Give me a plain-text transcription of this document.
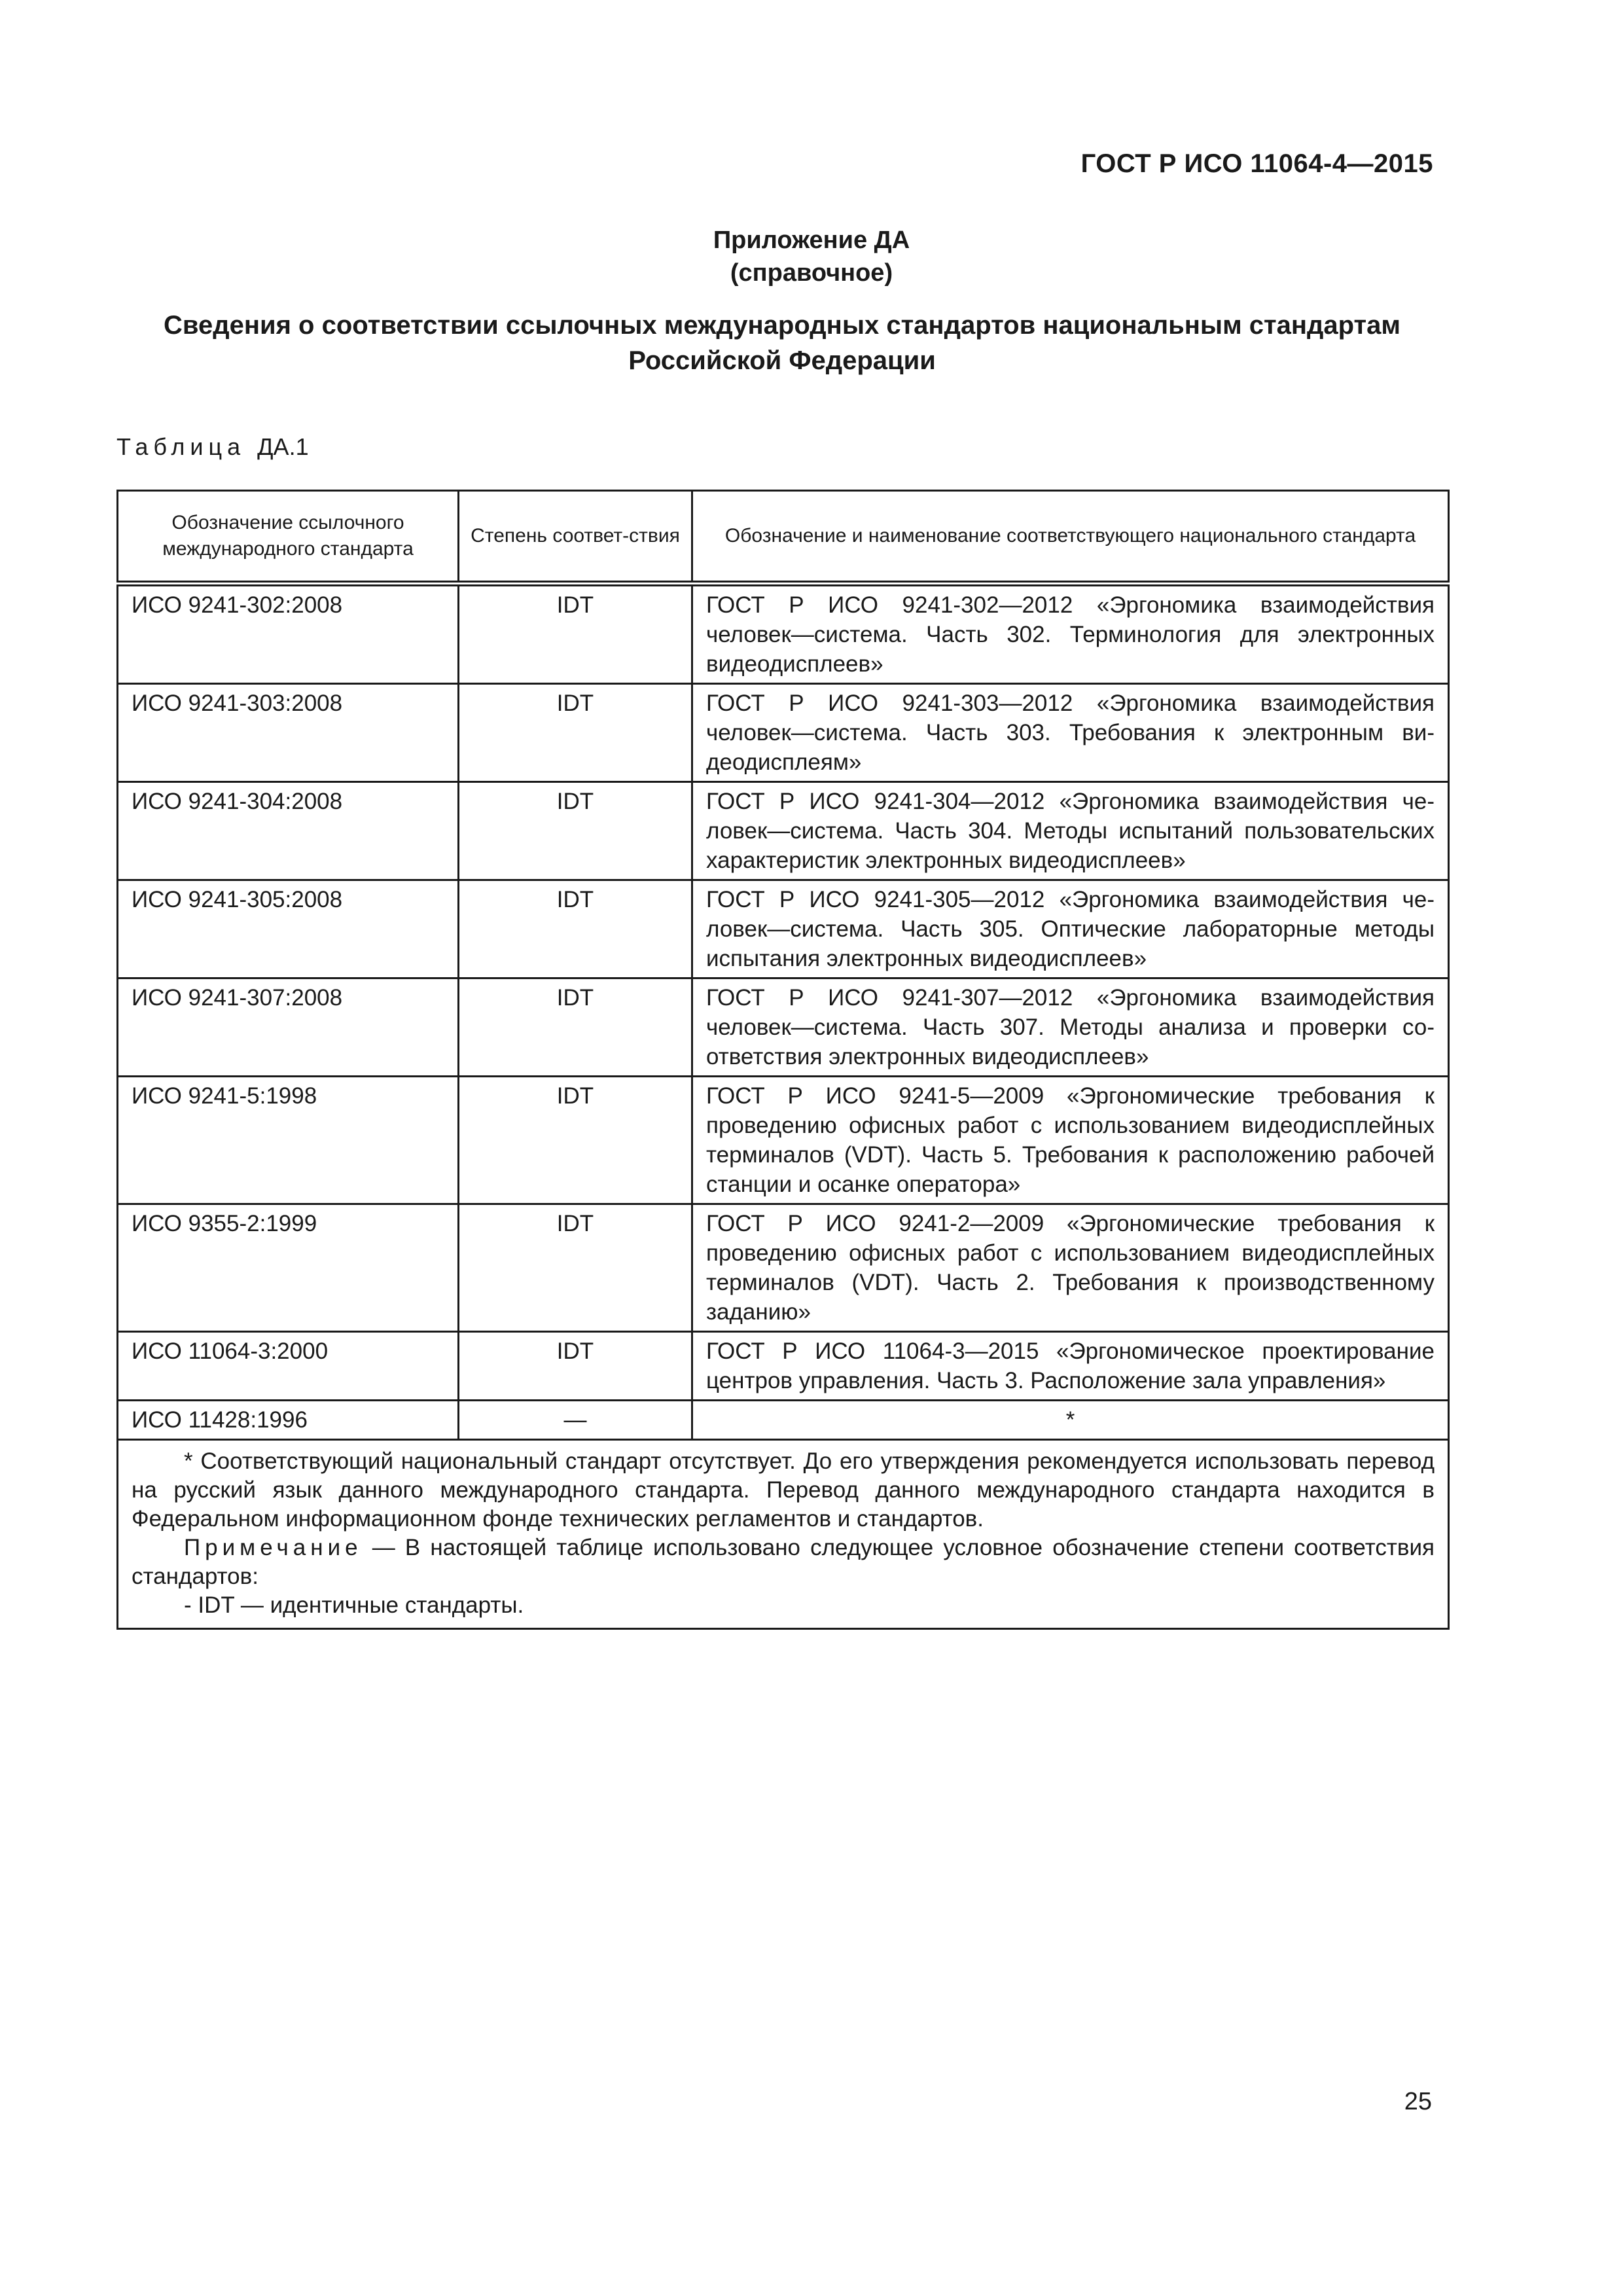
ГОСТ Р ИСО 11064-4—2015
Приложение ДА
(справочное)
Сведения о соответствии ссылочных международных стандартов национальным стандартам
Российской Федерации
Таблица ДА.1
Обозначение ссылочного международного стандарта	Степень соответ-ствия	Обозначение и наименование соответствующего национального стандарта
ИСО 9241-302:2008	IDT	ГОСТ Р ИСО 9241-302—2012 «Эргономика взаимодействия человек—система. Часть 302. Терминология для электронных видеодисплеев»
ИСО 9241-303:2008	IDT	ГОСТ Р ИСО 9241-303—2012 «Эргономика взаимодействия человек—система. Часть 303. Требования к электронным видеодисплеям»
ИСО 9241-304:2008	IDT	ГОСТ Р ИСО 9241-304—2012 «Эргономика взаимодействия человек—система. Часть 304. Методы испытаний пользовательских характеристик электронных видеодисплеев»
ИСО 9241-305:2008	IDT	ГОСТ Р ИСО 9241-305—2012 «Эргономика взаимодействия человек—система. Часть 305. Оптические лабораторные методы испытания электронных видеодисплеев»
ИСО 9241-307:2008	IDT	ГОСТ Р ИСО 9241-307—2012 «Эргономика взаимодействия человек—система. Часть 307. Методы анализа и проверки соответствия электронных видеодисплеев»
ИСО 9241-5:1998	IDT	ГОСТ Р ИСО 9241-5—2009 «Эргономические требования к проведению офисных работ с использованием видеодисплейных терминалов (VDT). Часть 5. Требования к расположению рабочей станции и осанке оператора»
ИСО 9355-2:1999	IDT	ГОСТ Р ИСО 9241-2—2009 «Эргономические требования к проведению офисных работ с использованием видеодисплейных терминалов (VDT). Часть 2. Требования к производственному заданию»
ИСО 11064-3:2000	IDT	ГОСТ Р ИСО 11064-3—2015 «Эргономическое проектирование центров управления. Часть 3. Расположение зала управления»
ИСО 11428:1996	—	*

* Соответствующий национальный стандарт отсутствует. До его утверждения рекомендуется использовать перевод на русский язык данного международного стандарта. Перевод данного международного стандарта находится в Федеральном информационном фонде технических регламентов и стандартов.
Примечание — В настоящей таблице использовано следующее условное обозначение степени соответствия стандартов:
- IDT — идентичные стандарты.		
25
